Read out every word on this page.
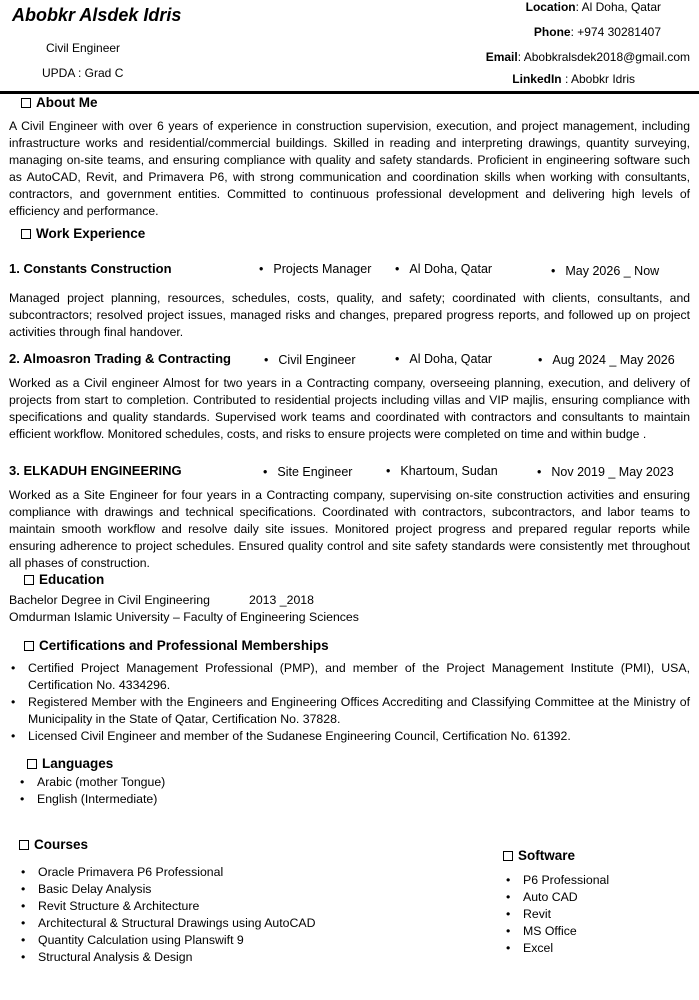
Abobkr Alsdek Idris
Civil Engineer
UPDA : Grad C
Location: Al Doha, Qatar
Phone: +974 30281407
Email: Abobkralsdek2018@gmail.com
LinkedIn : Abobkr Idris
About Me
A Civil Engineer with over 6 years of experience in construction supervision, execution, and project management, including infrastructure works and residential/commercial buildings. Skilled in reading and interpreting drawings, quantity surveying, managing on-site teams, and ensuring compliance with quality and safety standards. Proficient in engineering software such as AutoCAD, Revit, and Primavera P6, with strong communication and coordination skills when working with consultants, contractors, and government entities. Committed to continuous professional development and delivering high levels of efficiency and performance.
Work Experience
1. Constants Construction	• Projects Manager	• Al Doha, Qatar	• May 2026 _ Now
Managed project planning, resources, schedules, costs, quality, and safety; coordinated with clients, consultants, and subcontractors; resolved project issues, managed risks and changes, prepared progress reports, and followed up on project activities through final handover.
2. Almoasron Trading & Contracting	• Civil Engineer	• Al Doha, Qatar	• Aug 2024 _ May 2026
Worked as a Civil engineer Almost for two years in a Contracting company, overseeing planning, execution, and delivery of projects from start to completion. Contributed to residential projects including villas and VIP majlis, ensuring compliance with specifications and quality standards. Supervised work teams and coordinated with contractors and consultants to maintain efficient workflow. Monitored schedules, costs, and risks to ensure projects were completed on time and within budge .
3. ELKADUH ENGINEERING	• Site Engineer	• Khartoum, Sudan	• Nov 2019 _ May 2023
Worked as a Site Engineer for four years in a Contracting company, supervising on-site construction activities and ensuring compliance with drawings and technical specifications. Coordinated with contractors, subcontractors, and labor teams to maintain smooth workflow and resolve daily site issues. Monitored project progress and prepared regular reports while ensuring adherence to project schedules. Ensured quality control and site safety standards were consistently met throughout all phases of construction.
Education
Bachelor Degree in Civil Engineering	2013 _2018
Omdurman Islamic University – Faculty of Engineering Sciences
Certifications and Professional Memberships
• Certified Project Management Professional (PMP), and member of the Project Management Institute (PMI), USA, Certification No. 4334296.
• Registered Member with the Engineers and Engineering Offices Accrediting and Classifying Committee at the Ministry of Municipality in the State of Qatar, Certification No. 37828.
• Licensed Civil Engineer and member of the Sudanese Engineering Council, Certification No. 61392.
Languages
• Arabic (mother Tongue)
• English (Intermediate)
Courses
• Oracle Primavera P6 Professional
• Basic Delay Analysis
• Revit Structure & Architecture
• Architectural & Structural Drawings using AutoCAD
• Quantity Calculation using Planswift 9
• Structural Analysis & Design
Software
• P6 Professional
• Auto CAD
• Revit
• MS Office
• Excel
